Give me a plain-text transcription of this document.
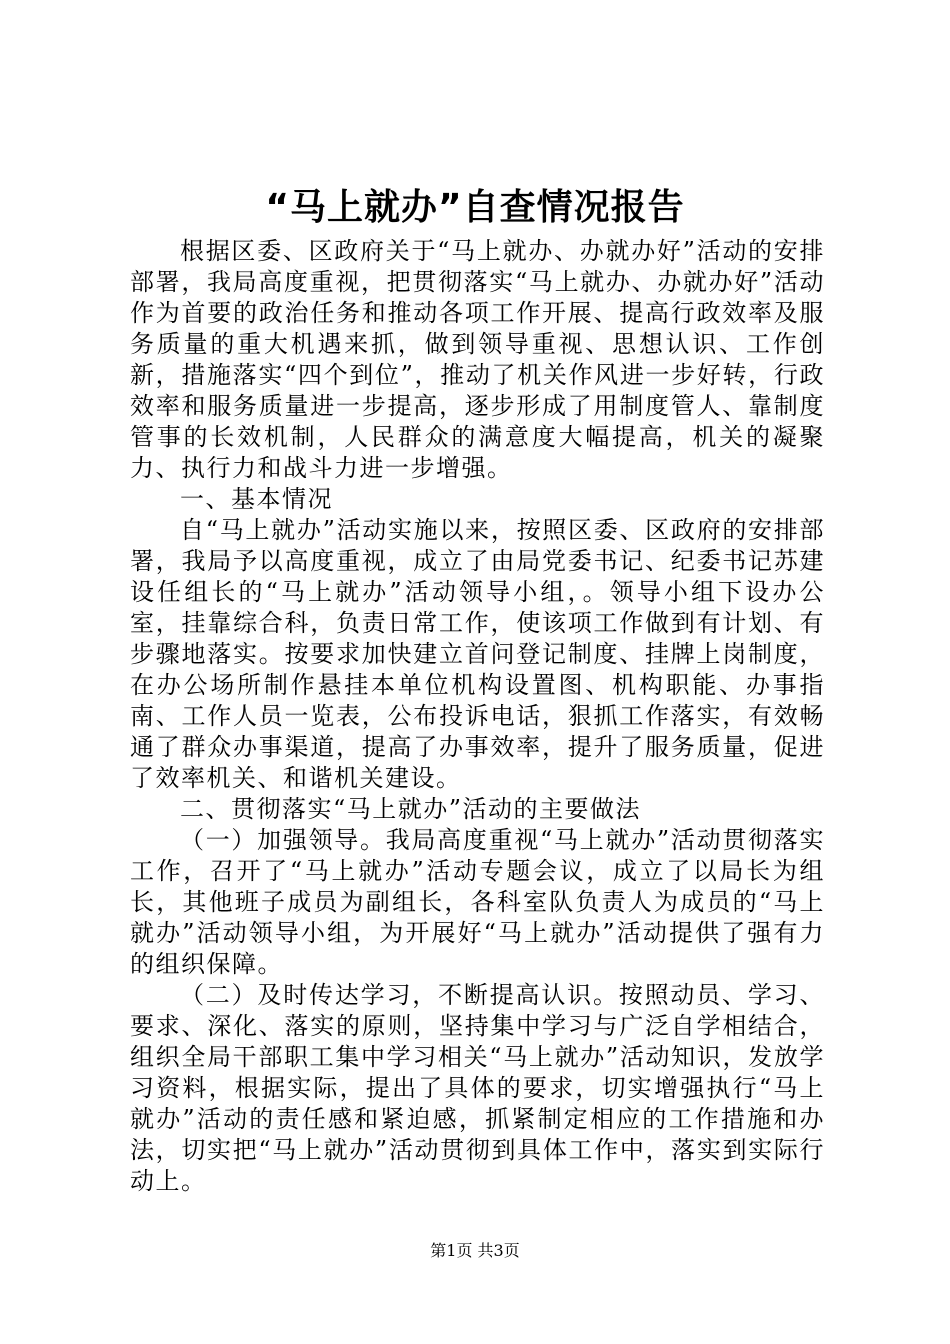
“马上就办”自查情况报告

根据区委、区政府关于“马上就办、办就办好”活动的安排部署，我局高度重视，把贯彻落实“马上就办、办就办好”活动作为首要的政治任务和推动各项工作开展、提高行政效率及服务质量的重大机遇来抓，做到领导重视、思想认识、工作创新，措施落实“四个到位”，推动了机关作风进一步好转，行政效率和服务质量进一步提高，逐步形成了用制度管人、靠制度管事的长效机制，人民群众的满意度大幅提高，机关的凝聚力、执行力和战斗力进一步增强。

一、基本情况

自“马上就办”活动实施以来，按照区委、区政府的安排部署，我局予以高度重视，成立了由局党委书记、纪委书记苏建设任组长的“马上就办”活动领导小组，。领导小组下设办公室，挂靠综合科，负责日常工作，使该项工作做到有计划、有步骤地落实。按要求加快建立首问登记制度、挂牌上岗制度，在办公场所制作悬挂本单位机构设置图、机构职能、办事指南、工作人员一览表，公布投诉电话，狠抓工作落实，有效畅通了群众办事渠道，提高了办事效率，提升了服务质量，促进了效率机关、和谐机关建设。

二、贯彻落实“马上就办”活动的主要做法

（一）加强领导。我局高度重视“马上就办”活动贯彻落实工作，召开了“马上就办”活动专题会议，成立了以局长为组长，其他班子成员为副组长，各科室队负责人为成员的“马上就办”活动领导小组，为开展好“马上就办”活动提供了强有力的组织保障。

（二）及时传达学习，不断提高认识。按照动员、学习、要求、深化、落实的原则，坚持集中学习与广泛自学相结合，组织全局干部职工集中学习相关“马上就办”活动知识，发放学习资料，根据实际，提出了具体的要求，切实增强执行“马上就办”活动的责任感和紧迫感，抓紧制定相应的工作措施和办法，切实把“马上就办”活动贯彻到具体工作中，落实到实际行动上。

第1页 共3页
